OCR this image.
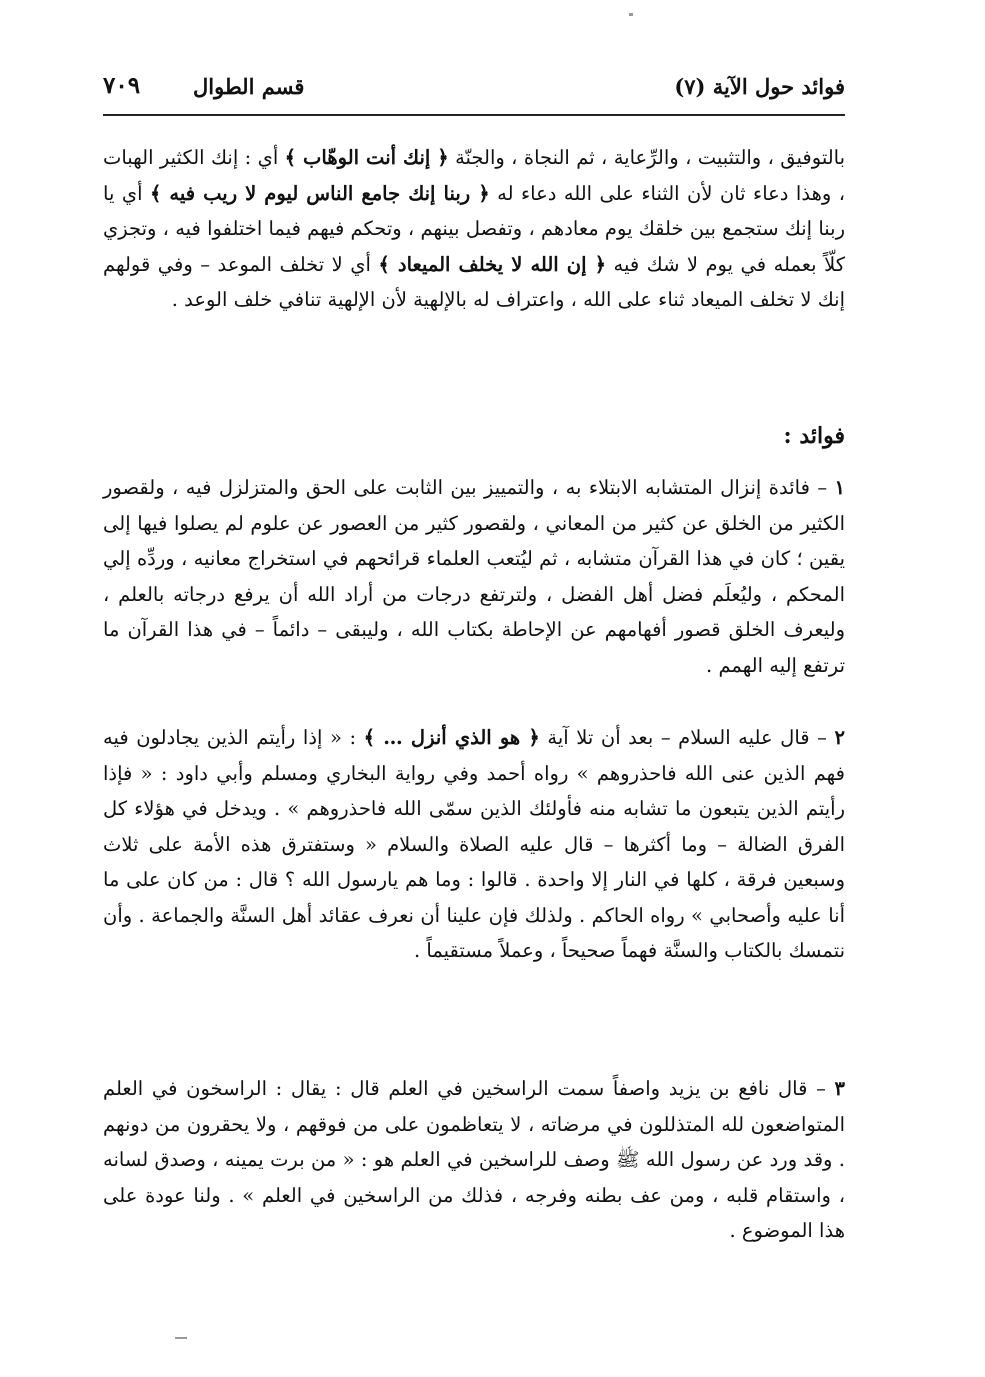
فوائد حول الآية (٧)
قسم الطوال
٧٠٩
بالتوفيق ، والتثبيت ، والرِّعاية ، ثم النجاة ، والجنّة ﴿ إنك أنت الوهّاب ﴾ أي : إنك الكثير الهبات ، وهذا دعاء ثان لأن الثناء على الله دعاء له ﴿ ربنا إنك جامع الناس ليوم لا ريب فيه ﴾ أي يا ربنا إنك ستجمع بين خلقك يوم معادهم ، وتفصل بينهم ، وتحكم فيهم فيما اختلفوا فيه ، وتجزي كلّاً بعمله في يوم لا شك فيه ﴿ إن الله لا يخلف الميعاد ﴾ أي لا تخلف الموعد – وفي قولهم إنك لا تخلف الميعاد ثناء على الله ، واعتراف له بالإلهية لأن الإلهية تنافي خلف الوعد .
فوائد :
١ – فائدة إنزال المتشابه الابتلاء به ، والتمييز بين الثابت على الحق والمتزلزل فيه ، ولقصور الكثير من الخلق عن كثير من المعاني ، ولقصور كثير من العصور عن علوم لم يصلوا فيها إلى يقين ؛ كان في هذا القرآن متشابه ، ثم ليُتعب العلماء قرائحهم في استخراج معانيه ، وردِّه إلي المحكم ، وليُعلَم فضل أهل الفضل ، ولترتفع درجات من أراد الله أن يرفع درجاته بالعلم ، وليعرف الخلق قصور أفهامهم عن الإحاطة بكتاب الله ، وليبقى – دائماً – في هذا القرآن ما ترتفع إليه الهمم .
٢ – قال عليه السلام – بعد أن تلا آية ﴿ هو الذي أنزل … ﴾ : « إذا رأيتم الذين يجادلون فيه فهم الذين عنى الله فاحذروهم » رواه أحمد وفي رواية البخاري ومسلم وأبي داود : « فإذا رأيتم الذين يتبعون ما تشابه منه فأولئك الذين سمّى الله فاحذروهم » . ويدخل في هؤلاء كل الفرق الضالة – وما أكثرها – قال عليه الصلاة والسلام « وستفترق هذه الأمة على ثلاث وسبعين فرقة ، كلها في النار إلا واحدة . قالوا : وما هم يارسول الله ؟ قال : من كان على ما أنا عليه وأصحابي » رواه الحاكم . ولذلك فإن علينا أن نعرف عقائد أهل السنَّة والجماعة . وأن نتمسك بالكتاب والسنَّة فهماً صحيحاً ، وعملاً مستقيماً .
٣ – قال نافع بن يزيد واصفاً سمت الراسخين في العلم قال : يقال : الراسخون في العلم المتواضعون لله المتذللون في مرضاته ، لا يتعاظمون على من فوقهم ، ولا يحقرون من دونهم . وقد ورد عن رسول الله ﷺ وصف للراسخين في العلم هو : « من برت يمينه ، وصدق لسانه ، واستقام قلبه ، ومن عف بطنه وفرجه ، فذلك من الراسخين في العلم » . ولنا عودة على هذا الموضوع .
